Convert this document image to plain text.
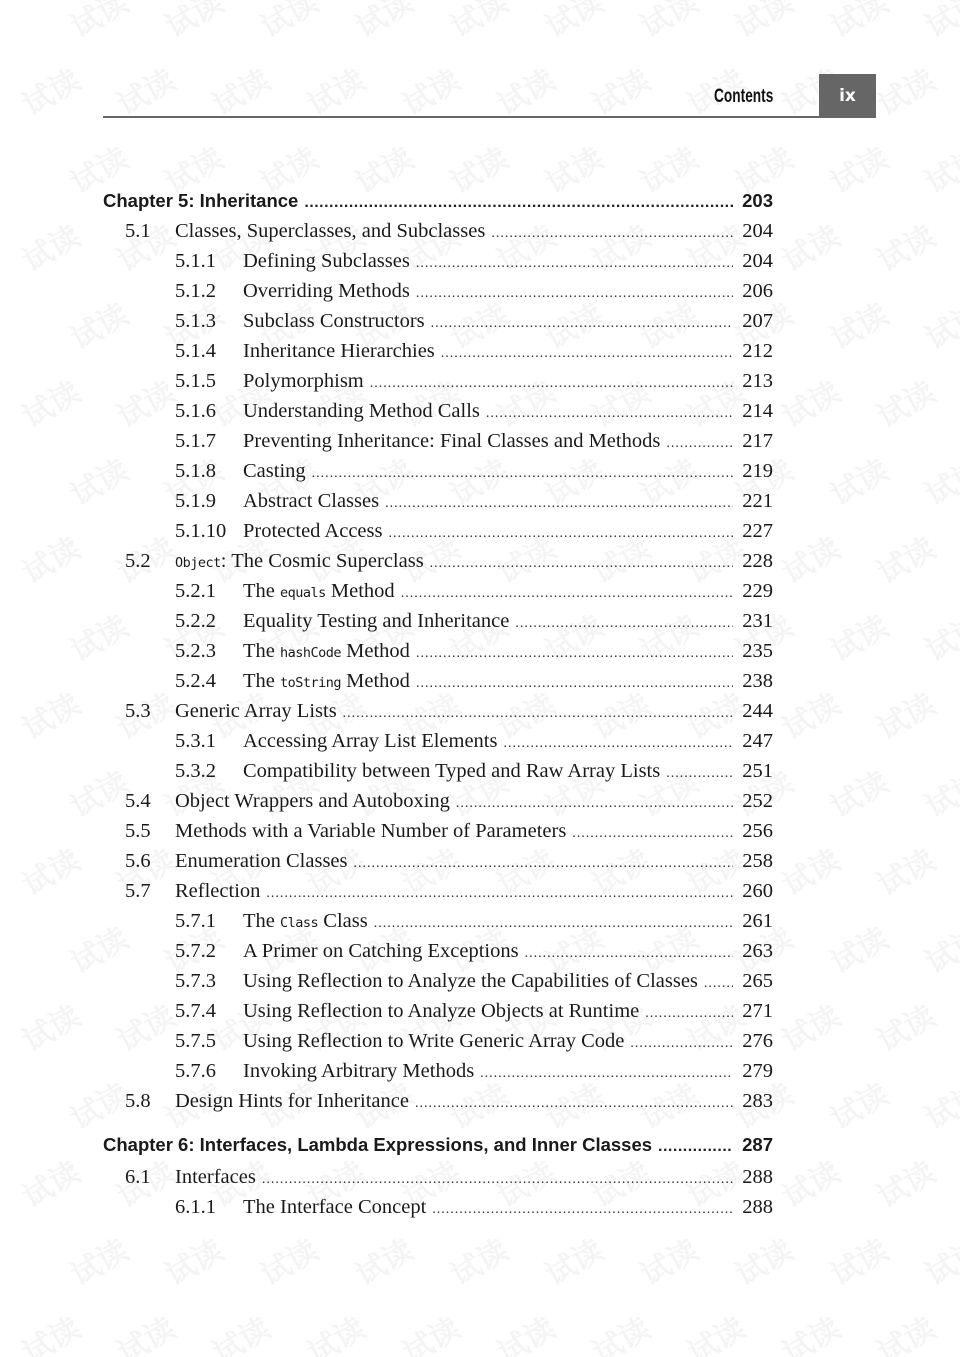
Contents	ix
Chapter 5: Inheritance .....	203
5.1	Classes, Superclasses, and Subclasses .....	204
5.1.1	Defining Subclasses .....	204
5.1.2	Overriding Methods .....	206
5.1.3	Subclass Constructors .....	207
5.1.4	Inheritance Hierarchies .....	212
5.1.5	Polymorphism .....	213
5.1.6	Understanding Method Calls .....	214
5.1.7	Preventing Inheritance: Final Classes and Methods .....	217
5.1.8	Casting .....	219
5.1.9	Abstract Classes .....	221
5.1.10 Protected Access .....	227
5.2	Object: The Cosmic Superclass .....	228
5.2.1	The equals Method .....	229
5.2.2	Equality Testing and Inheritance .....	231
5.2.3	The hashCode Method .....	235
5.2.4	The toString Method .....	238
5.3	Generic Array Lists .....	244
5.3.1	Accessing Array List Elements .....	247
5.3.2	Compatibility between Typed and Raw Array Lists .....	251
5.4	Object Wrappers and Autoboxing .....	252
5.5	Methods with a Variable Number of Parameters .....	256
5.6	Enumeration Classes .....	258
5.7	Reflection .....	260
5.7.1	The Class Class .....	261
5.7.2	A Primer on Catching Exceptions .....	263
5.7.3	Using Reflection to Analyze the Capabilities of Classes ..... 265
5.7.4	Using Reflection to Analyze Objects at Runtime .....	271
5.7.5	Using Reflection to Write Generic Array Code .....	276
5.7.6	Invoking Arbitrary Methods .....	279
5.8	Design Hints for Inheritance .....	283
Chapter 6: Interfaces, Lambda Expressions, and Inner Classes .....	287
6.1	Interfaces .....	288
6.1.1	The Interface Concept .....	288
